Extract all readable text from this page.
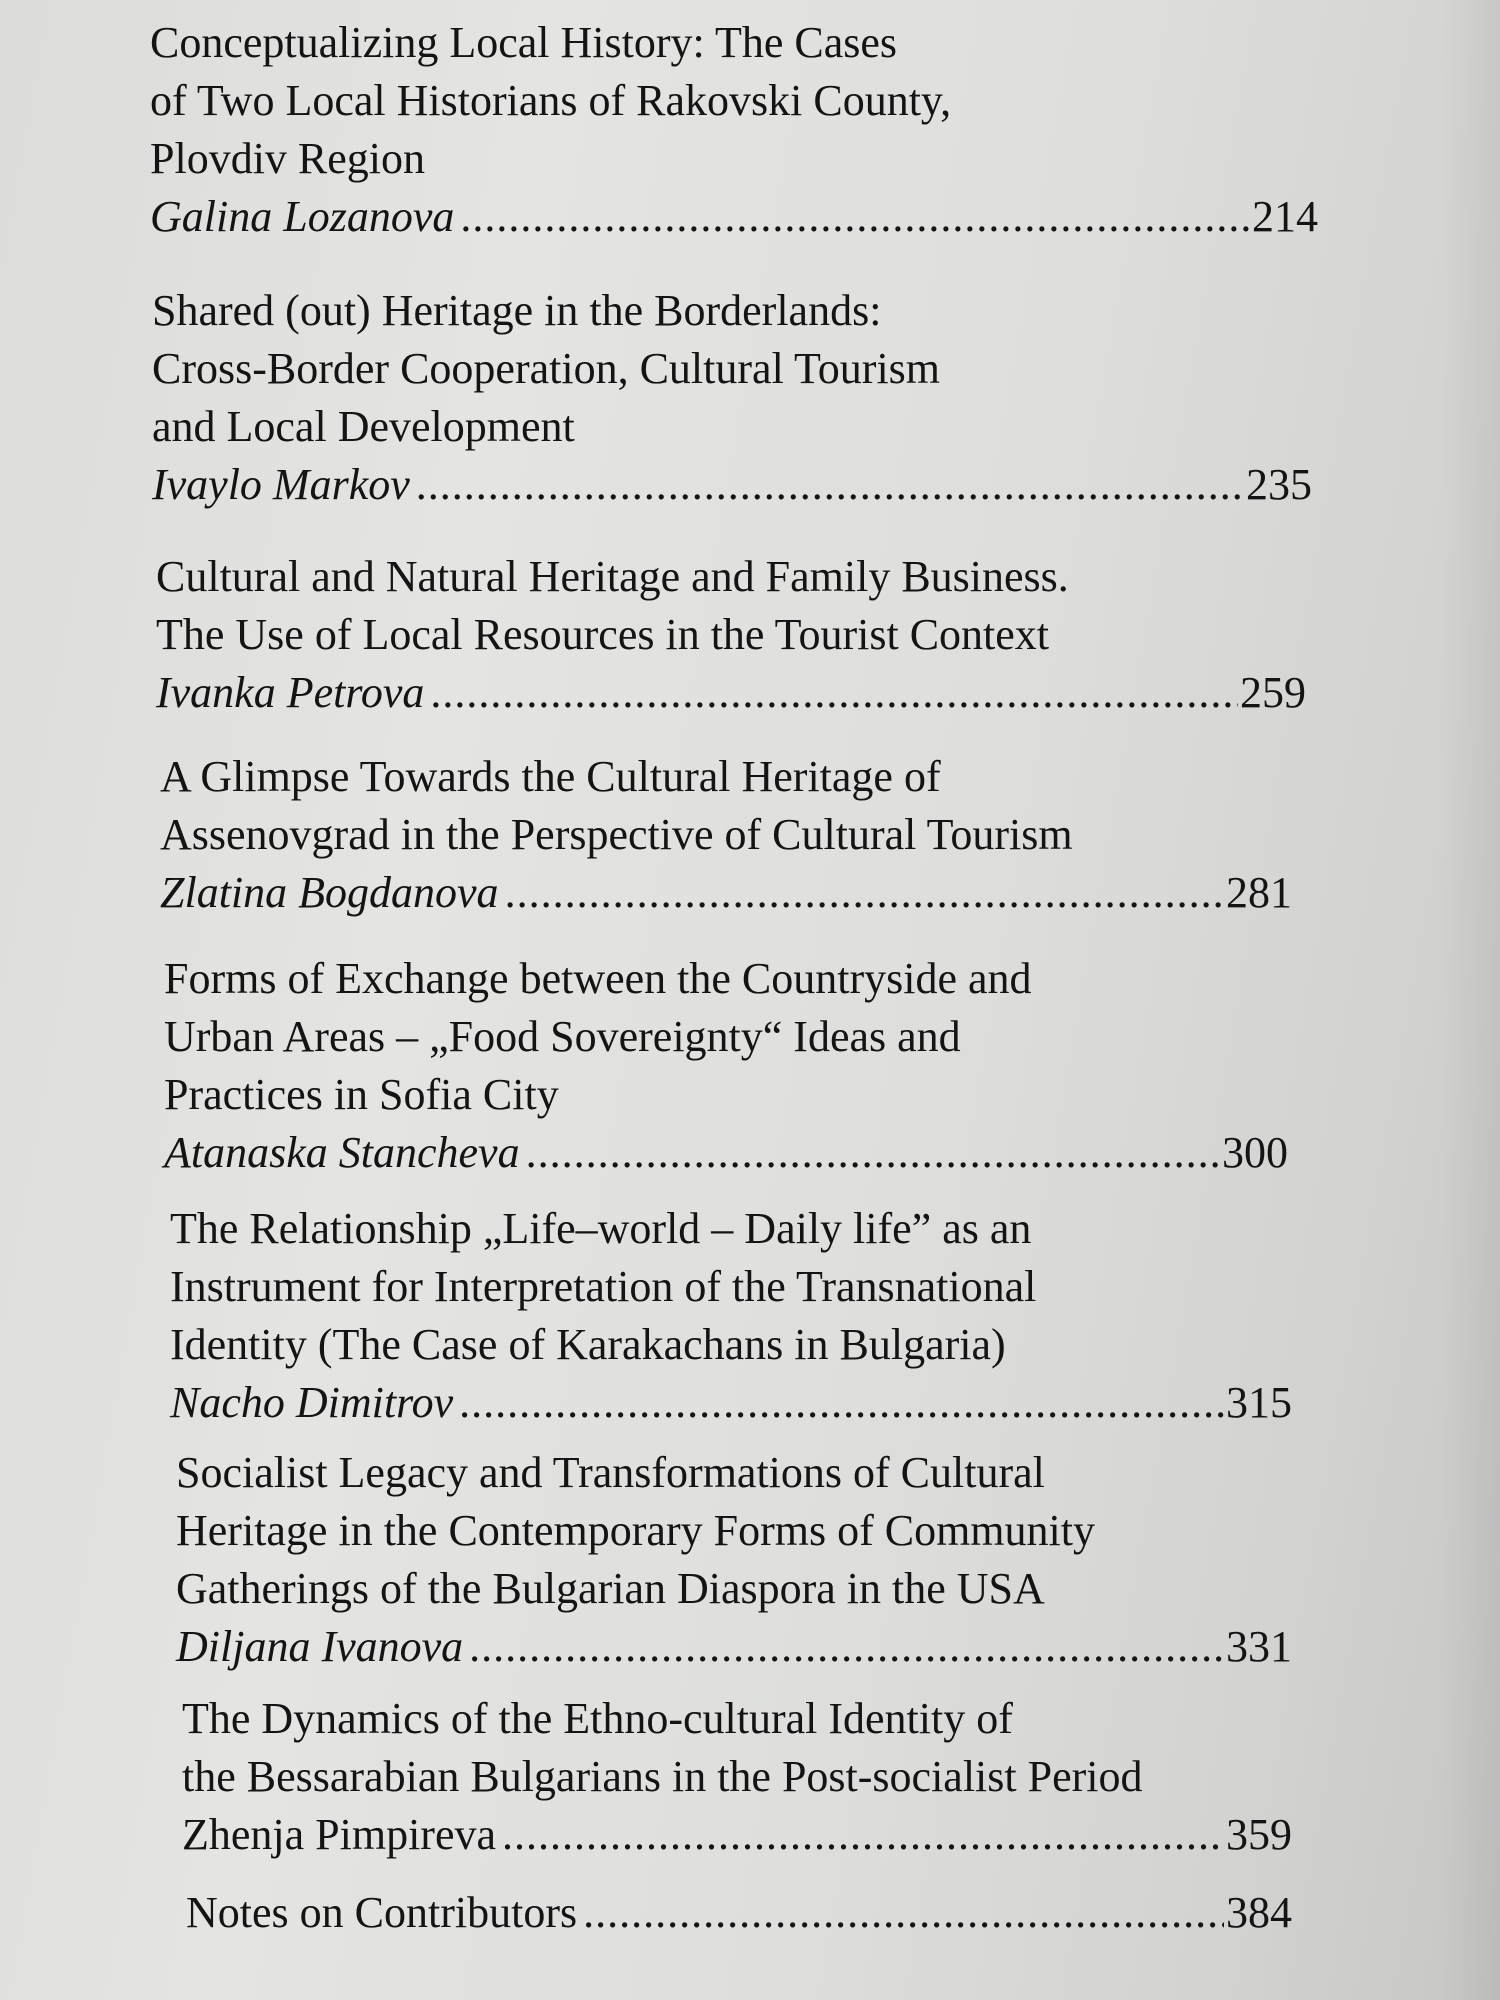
Conceptualizing Local History: The Cases
of Two Local Historians of Rakovski County,
Plovdiv Region
Galina Lozanova .....	214
Shared (out) Heritage in the Borderlands:
Cross-Border Cooperation, Cultural Tourism
and Local Development
Ivaylo Markov .....	235
Cultural and Natural Heritage and Family Business.
The Use of Local Resources in the Tourist Context
Ivanka Petrova .....	259
A Glimpse Towards the Cultural Heritage of
Assenovgrad in the Perspective of Cultural Tourism
Zlatina Bogdanova .....	281
Forms of Exchange between the Countryside and
Urban Areas – „Food Sovereignty“ Ideas and
Practices in Sofia City
Atanaska Stancheva .....	300
The Relationship „Life–world – Daily life” as an
Instrument for Interpretation of the Transnational
Identity (The Case of Karakachans in Bulgaria)
Nacho Dimitrov .....	315
Socialist Legacy and Transformations of Cultural
Heritage in the Contemporary Forms of Community
Gatherings of the Bulgarian Diaspora in the USA
Diljana Ivanova .....	331
The Dynamics of the Ethno-cultural Identity of
the Bessarabian Bulgarians in the Post-socialist Period
Zhenja Pimpireva .....	359
Notes on Contributors .....	384
